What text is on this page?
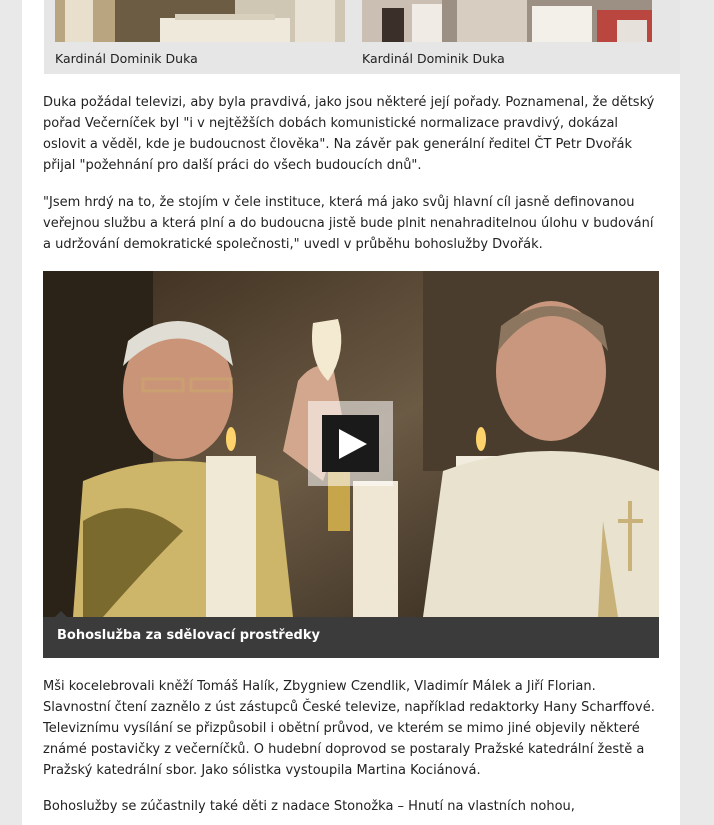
Kardinál Dominik Duka	Kardinál Dominik Duka

Duka požádal televizi, aby byla pravdivá, jako jsou některé její pořady. Poznamenal, že dětský pořad Večerníček byl "i v nejtěžších dobách komunistické normalizace pravdivý, dokázal oslovit a věděl, kde je budoucnost člověka". Na závěr pak generální ředitel ČT Petr Dvořák přijal "požehnání pro další práci do všech budoucích dnů".

"Jsem hrdý na to, že stojím v čele instituce, která má jako svůj hlavní cíl jasně definovanou veřejnou službu a která plní a do budoucna jistě bude plnit nenahraditelnou úlohu v budování a udržování demokratické společnosti," uvedl v průběhu bohoslužby Dvořák.

Bohoslužba za sdělovací prostředky

Mši kocelebrovali kněží Tomáš Halík, Zbygniew Czendlik, Vladimír Málek a Jiří Florian. Slavnostní čtení zaznělo z úst zástupců České televize, například redaktorky Hany Scharffové. Televiznímu vysílání se přizpůsobil i obětní průvod, ve kterém se mimo jiné objevily některé známé postavičky z večerníčků. O hudební doprovod se postaraly Pražské katedrální žestě a Pražský katedrální sbor. Jako sólistka vystoupila Martina Kociánová.

Bohoslužby se zúčastnily také děti z nadace Stonožka – Hnutí na vlastních nohou,
